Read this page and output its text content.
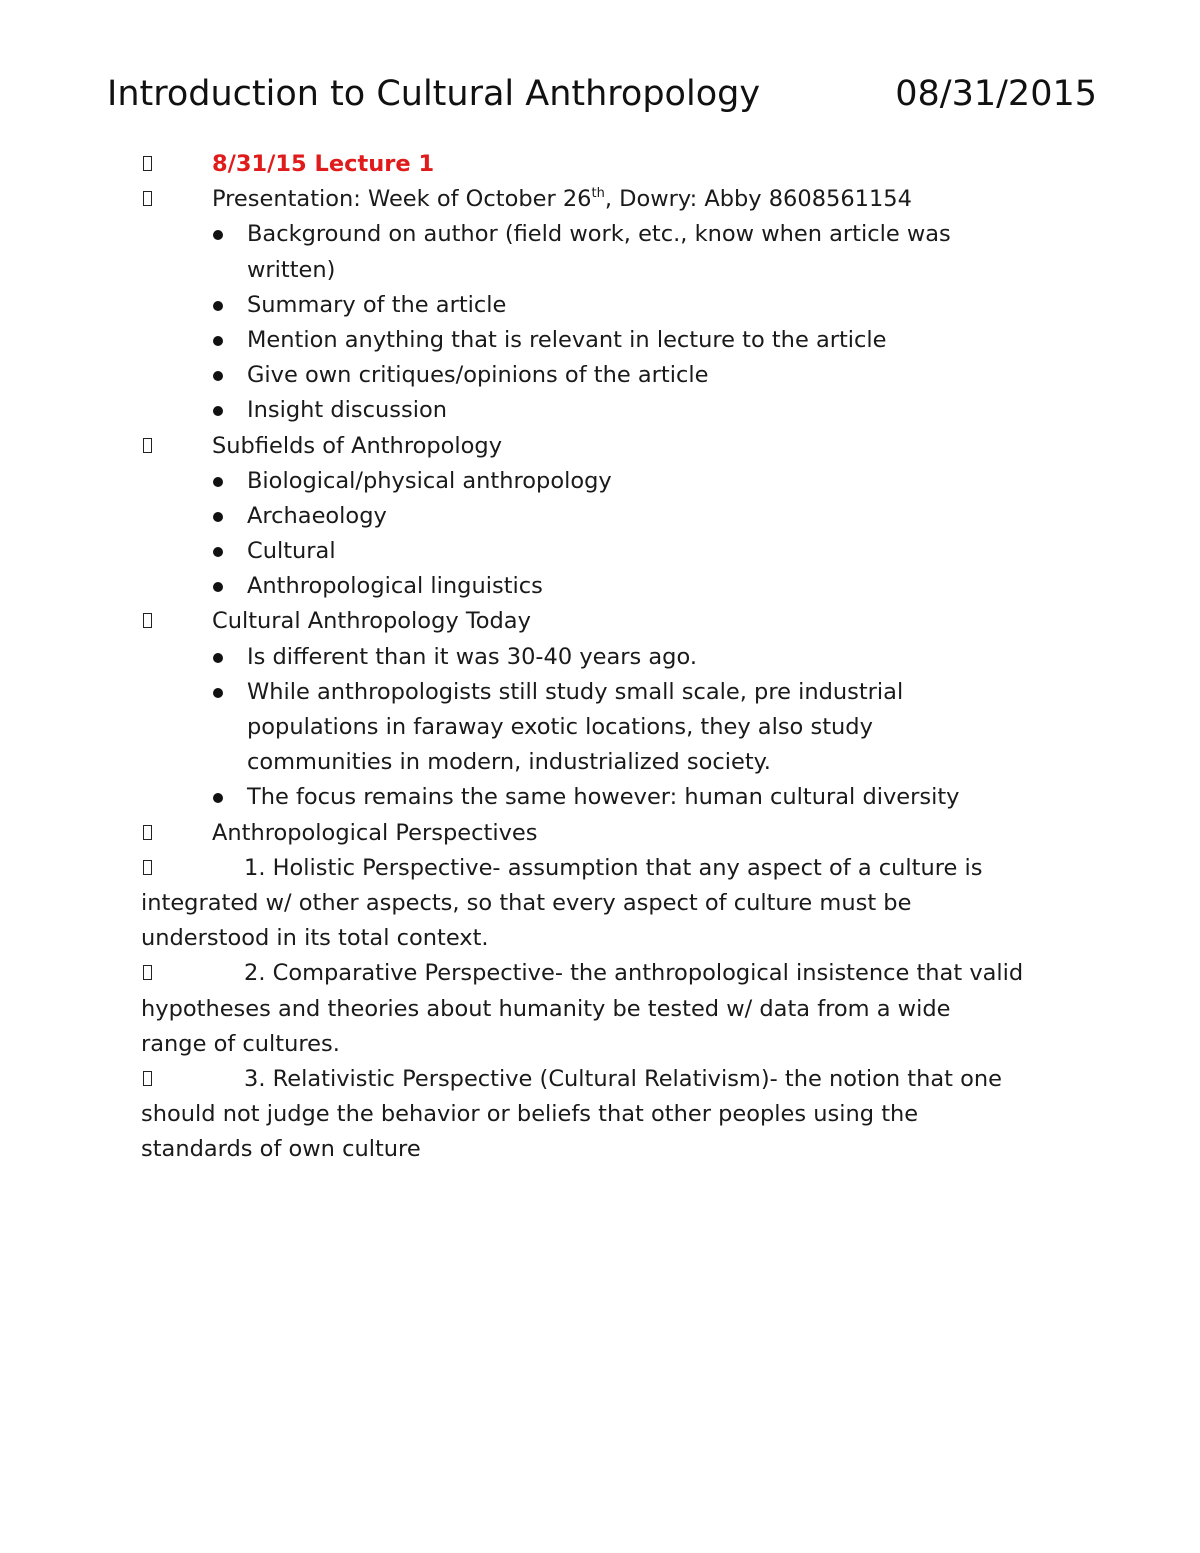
Introduction to Cultural Anthropology	08/31/2015
8/31/15 Lecture 1
Presentation: Week of October 26th, Dowry: Abby 8608561154
Background on author (field work, etc., know when article was
written)
Summary of the article
Mention anything that is relevant in lecture to the article
Give own critiques/opinions of the article
Insight discussion
Subfields of Anthropology
Biological/physical anthropology
Archaeology
Cultural
Anthropological linguistics
Cultural Anthropology Today
Is different than it was 30-40 years ago.
While anthropologists still study small scale, pre industrial
populations in faraway exotic locations, they also study
communities in modern, industrialized society.
The focus remains the same however: human cultural diversity
Anthropological Perspectives
1. Holistic Perspective- assumption that any aspect of a culture is
integrated w/ other aspects, so that every aspect of culture must be
understood in its total context.
2. Comparative Perspective- the anthropological insistence that valid
hypotheses and theories about humanity be tested w/ data from a wide
range of cultures.
3. Relativistic Perspective (Cultural Relativism)- the notion that one
should not judge the behavior or beliefs that other peoples using the
standards of own culture
